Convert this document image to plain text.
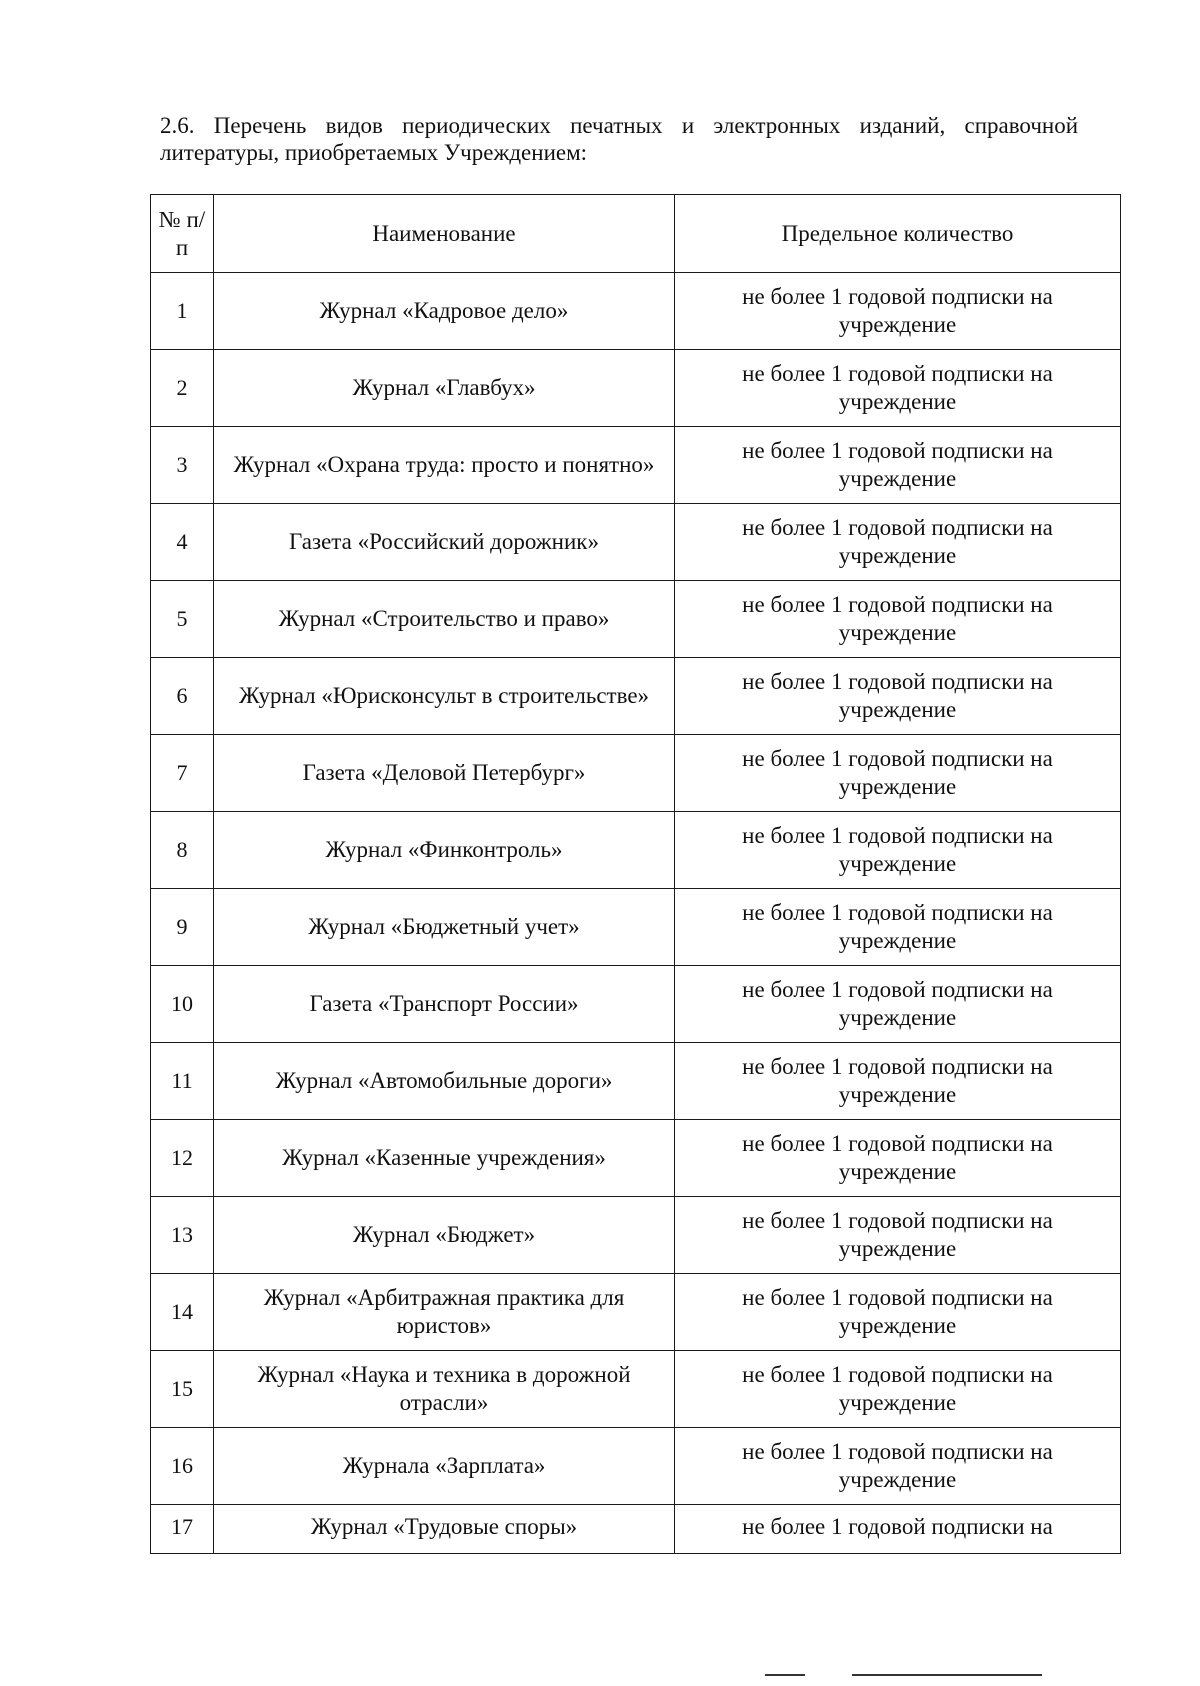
2.6. Перечень видов периодических печатных и электронных изданий, справочной литературы, приобретаемых Учреждением:

№ п/п	Наименование	Предельное количество
1	Журнал «Кадровое дело»	не более 1 годовой подписки на учреждение
2	Журнал «Главбух»	не более 1 годовой подписки на учреждение
3	Журнал «Охрана труда: просто и понятно»	не более 1 годовой подписки на учреждение
4	Газета «Российский дорожник»	не более 1 годовой подписки на учреждение
5	Журнал «Строительство и право»	не более 1 годовой подписки на учреждение
6	Журнал «Юрисконсульт в строительстве»	не более 1 годовой подписки на учреждение
7	Газета «Деловой Петербург»	не более 1 годовой подписки на учреждение
8	Журнал «Финконтроль»	не более 1 годовой подписки на учреждение
9	Журнал «Бюджетный учет»	не более 1 годовой подписки на учреждение
10	Газета «Транспорт России»	не более 1 годовой подписки на учреждение
11	Журнал «Автомобильные дороги»	не более 1 годовой подписки на учреждение
12	Журнал «Казенные учреждения»	не более 1 годовой подписки на учреждение
13	Журнал «Бюджет»	не более 1 годовой подписки на учреждение
14	Журнал «Арбитражная практика для юристов»	не более 1 годовой подписки на учреждение
15	Журнал «Наука и техника в дорожной отрасли»	не более 1 годовой подписки на учреждение
16	Журнала «Зарплата»	не более 1 годовой подписки на учреждение
17	Журнал «Трудовые споры»	не более 1 годовой подписки на
